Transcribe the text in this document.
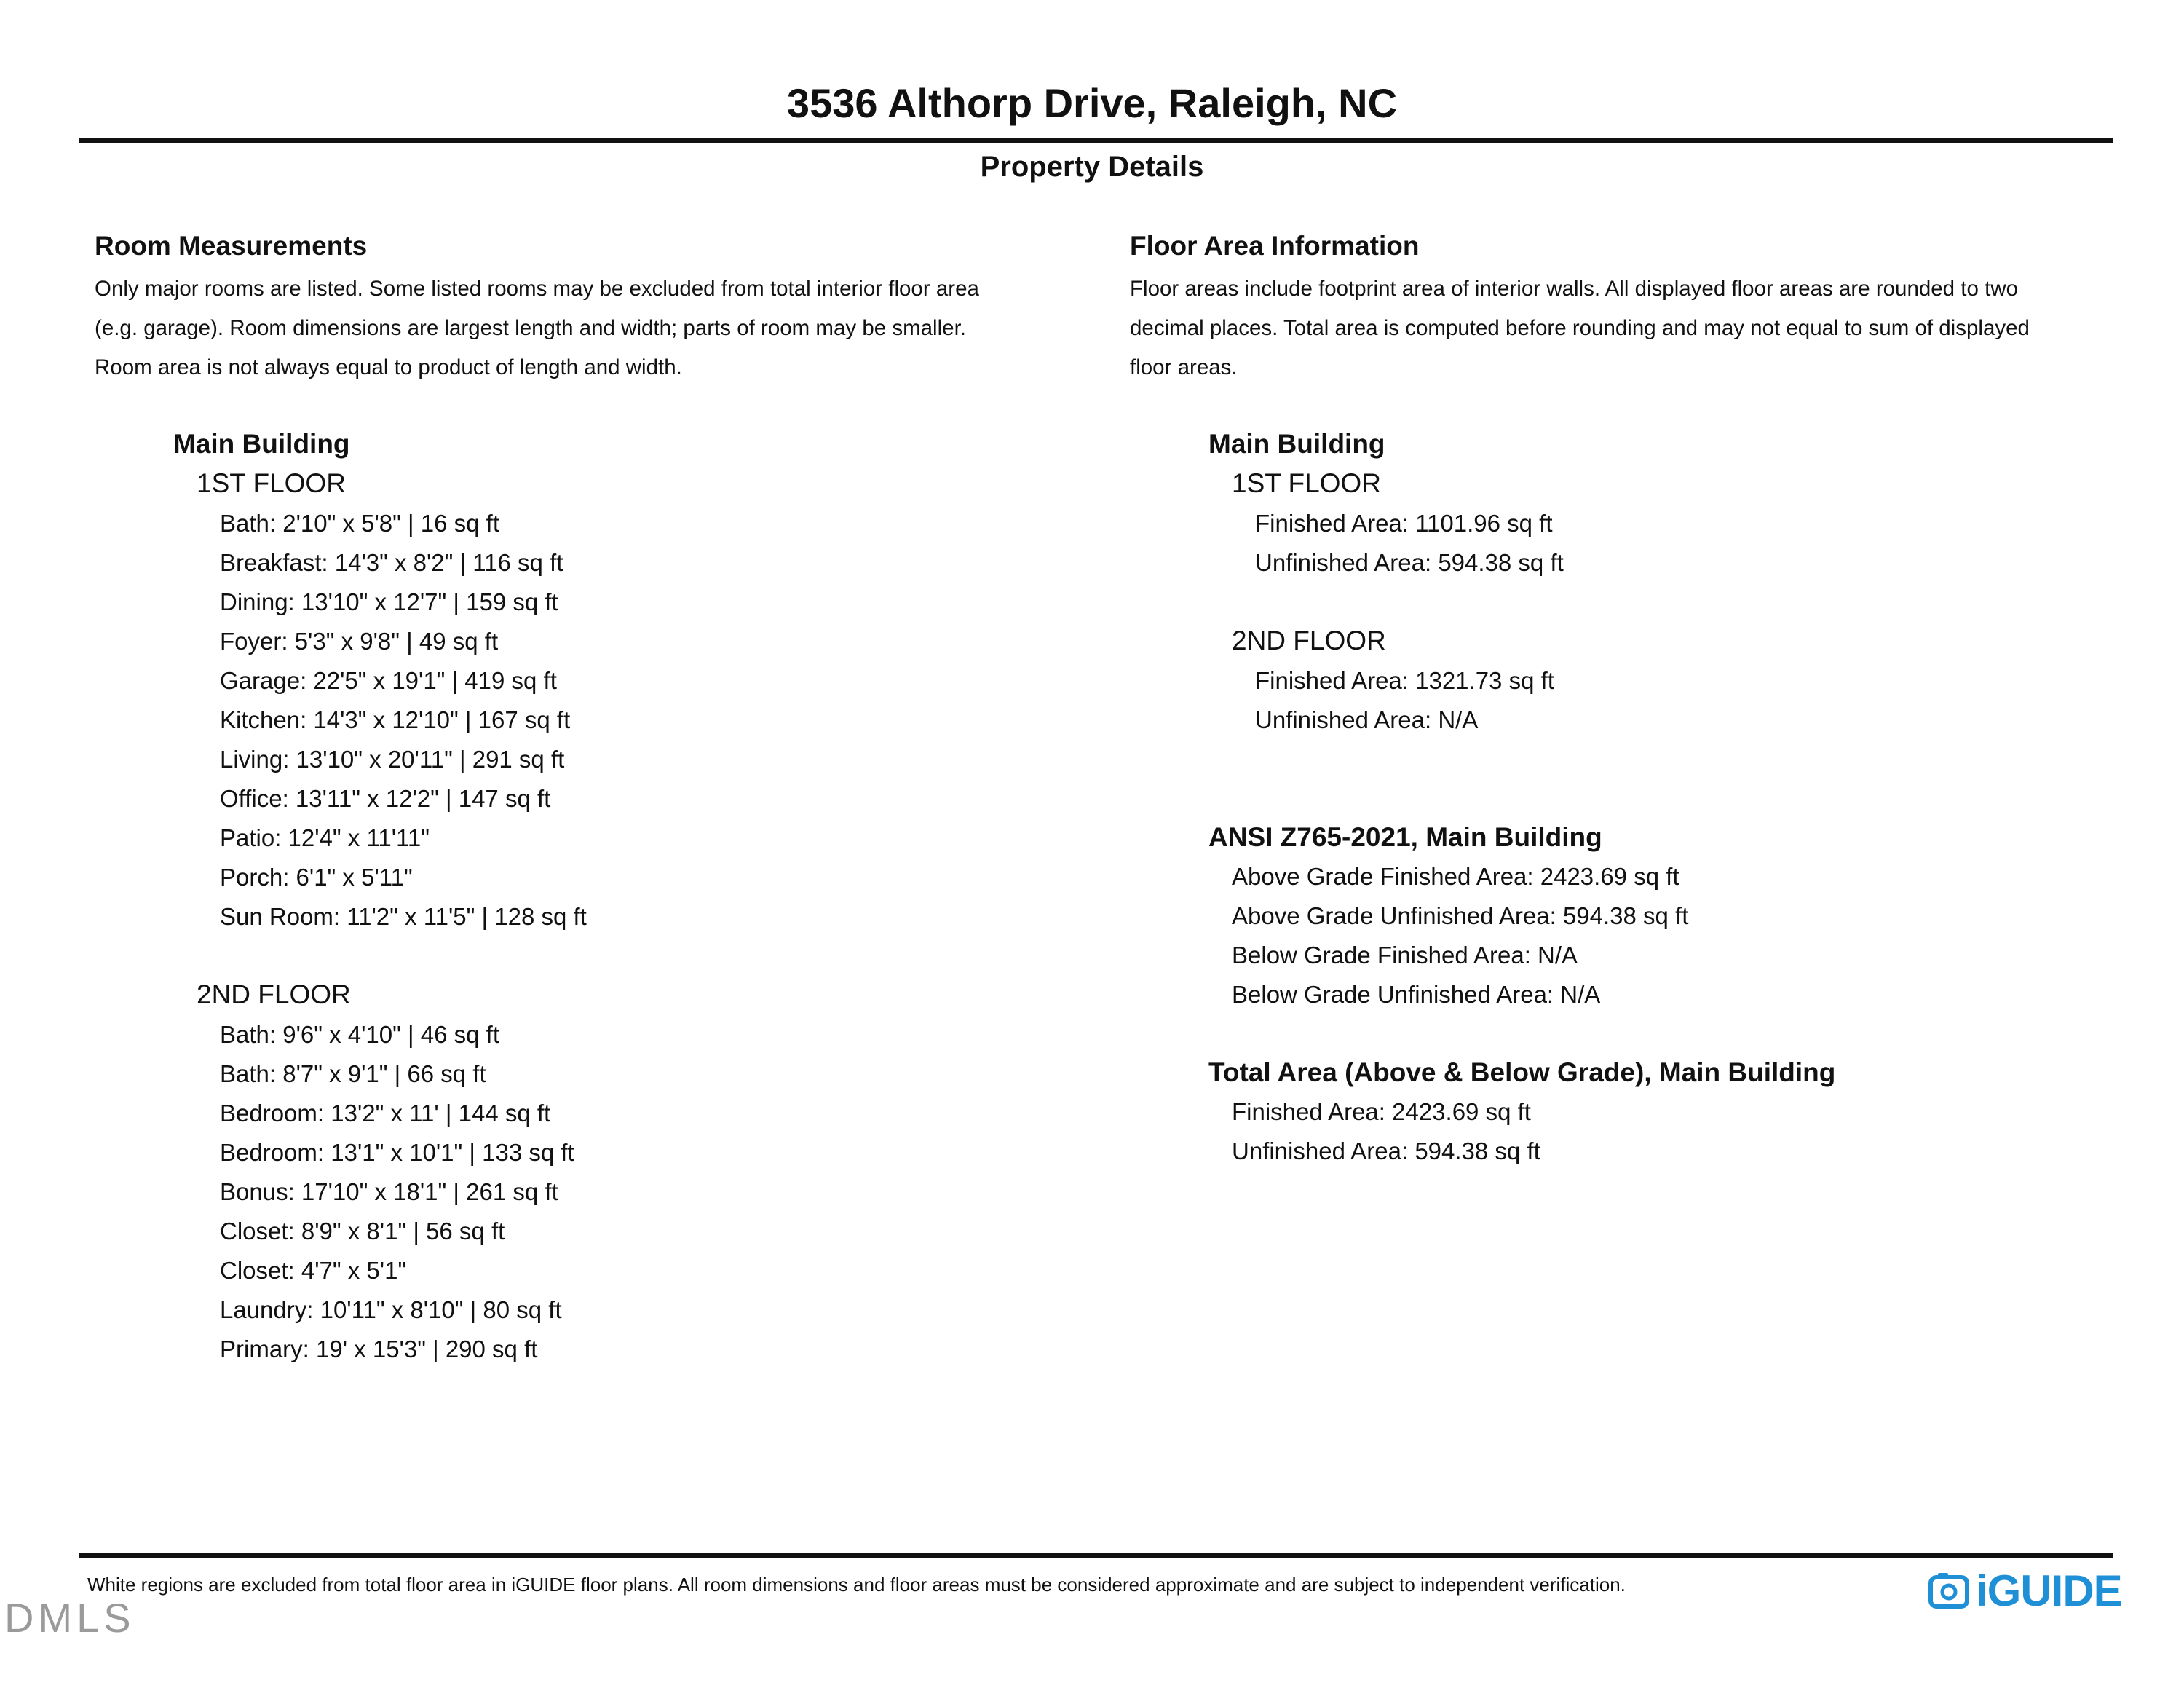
3536 Althorp Drive, Raleigh, NC
Property Details
Room Measurements
Only major rooms are listed. Some listed rooms may be excluded from total interior floor area
(e.g. garage). Room dimensions are largest length and width; parts of room may be smaller.
Room area is not always equal to product of length and width.
Main Building
1ST FLOOR
Bath: 2'10" x 5'8" | 16 sq ft
Breakfast: 14'3" x 8'2" | 116 sq ft
Dining: 13'10" x 12'7" | 159 sq ft
Foyer: 5'3" x 9'8" | 49 sq ft
Garage: 22'5" x 19'1" | 419 sq ft
Kitchen: 14'3" x 12'10" | 167 sq ft
Living: 13'10" x 20'11" | 291 sq ft
Office: 13'11" x 12'2" | 147 sq ft
Patio: 12'4" x 11'11"
Porch: 6'1" x 5'11"
Sun Room: 11'2" x 11'5" | 128 sq ft
2ND FLOOR
Bath: 9'6" x 4'10" | 46 sq ft
Bath: 8'7" x 9'1" | 66 sq ft
Bedroom: 13'2" x 11' | 144 sq ft
Bedroom: 13'1" x 10'1" | 133 sq ft
Bonus: 17'10" x 18'1" | 261 sq ft
Closet: 8'9" x 8'1" | 56 sq ft
Closet: 4'7" x 5'1"
Laundry: 10'11" x 8'10" | 80 sq ft
Primary: 19' x 15'3" | 290 sq ft
Floor Area Information
Floor areas include footprint area of interior walls. All displayed floor areas are rounded to two
decimal places. Total area is computed before rounding and may not equal to sum of displayed
floor areas.
Main Building
1ST FLOOR
Finished Area: 1101.96 sq ft
Unfinished Area: 594.38 sq ft
2ND FLOOR
Finished Area: 1321.73 sq ft
Unfinished Area: N/A
ANSI Z765-2021, Main Building
Above Grade Finished Area: 2423.69 sq ft
Above Grade Unfinished Area: 594.38 sq ft
Below Grade Finished Area: N/A
Below Grade Unfinished Area: N/A
Total Area (Above & Below Grade), Main Building
Finished Area: 2423.69 sq ft
Unfinished Area: 594.38 sq ft
White regions are excluded from total floor area in iGUIDE floor plans. All room dimensions and floor areas must be considered approximate and are subject to independent verification.
DMLS
iGUIDE
